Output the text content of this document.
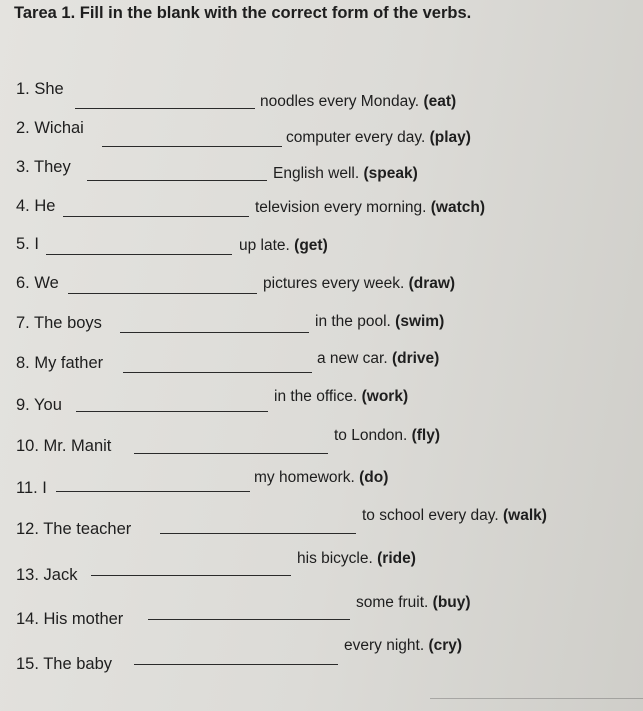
Tarea 1. Fill in the blank with the correct form of the verbs.
1. She
noodles every Monday. (eat)
2. Wichai
computer every day. (play)
3. They	English well. (speak)
4. He	television every morning. (watch)
5. I	up late. (get)
6. We	pictures every week. (draw)
7. The boys	in the pool. (swim)
8. My father	a new car. (drive)
9. You	in the office. (work)
10. Mr. Manit
to London. (fly)
11. I
my homework. (do)
12. The teacher
to school every day. (walk)
13. Jack
his bicycle. (ride)
14. His mother
some fruit. (buy)
15. The baby
every night. (cry)
